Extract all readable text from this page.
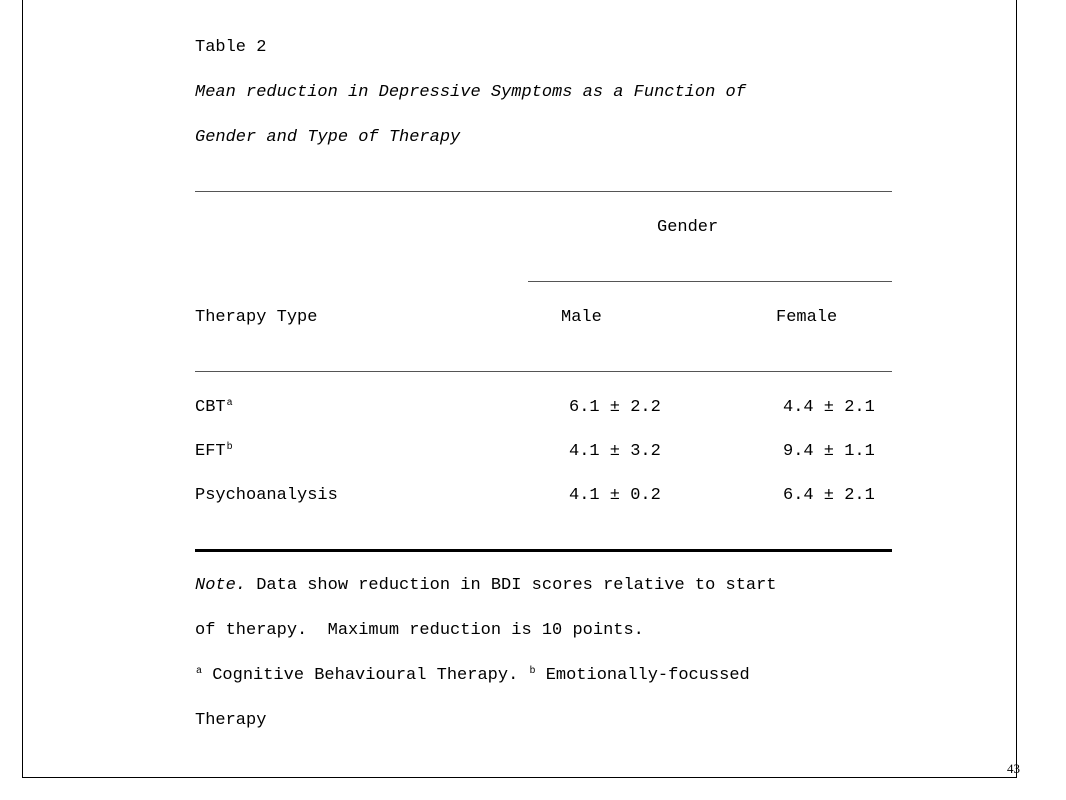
Table 2
Mean reduction in Depressive Symptoms as a Function of
Gender and Type of Therapy
Gender
Therapy Type	Male	Female
CBT$^a$	6.1 ± 2.2	4.4 ± 2.1
EFT$^b$	4.1 ± 3.2	9.4 ± 1.1
Psychoanalysis	4.1 ± 0.2	6.4 ± 2.1
Note. Data show reduction in BDI scores relative to start
of therapy.  Maximum reduction is 10 points.
$^a$ Cognitive Behavioural Therapy. $^b$ Emotionally-focussed
Therapy
43
